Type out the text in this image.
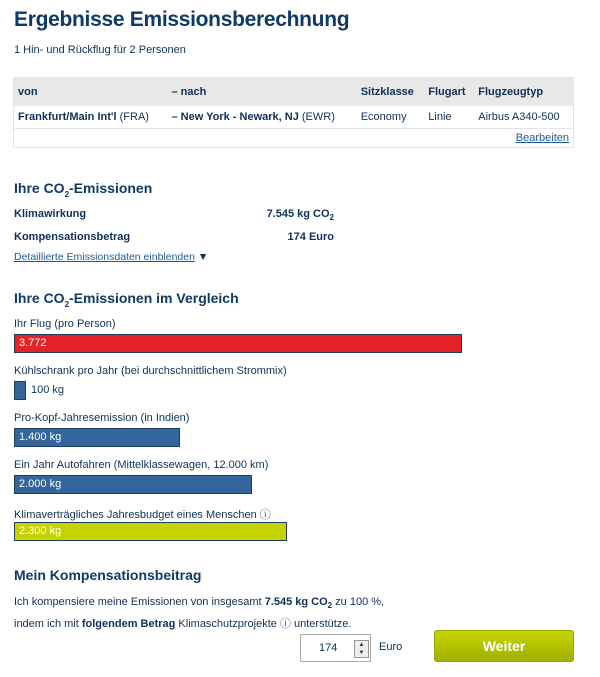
Ergebnisse Emissionsberechnung
1 Hin- und Rückflug für 2 Personen
von	– nach	Sitzklasse	Flugart	Flugzeugtyp
Frankfurt/Main Int'l (FRA)	– New York - Newark, NJ (EWR)	Economy	Linie	Airbus A340-500
Bearbeiten				
Ihre $CO_2$-Emissionen
Klimawirkung	7.545 kg $CO_2$
Kompensationsbetrag	174 Euro
Detaillierte Emissionsdaten einblenden ▼
Ihre $CO_2$-Emissionen im Vergleich
Ihr Flug (pro Person)
3.772
Kühlschrank pro Jahr (bei durchschnittlichem Strommix)
100 kg
Pro-Kopf-Jahresemission (in Indien)
1.400 kg
Ein Jahr Autofahren (Mittelklassewagen, 12.000 km)
2.000 kg
Klimaverträgliches Jahresbudget eines Menschen ⓘ
2.300 kg
Mein Kompensationsbeitrag
Ich kompensiere meine Emissionen von insgesamt 7.545 kg $CO_2$ zu 100 %,
indem ich mit folgendem Betrag Klimaschutzprojekte ⓘ unterstütze.
174	▲
▼	Euro	Weiter
